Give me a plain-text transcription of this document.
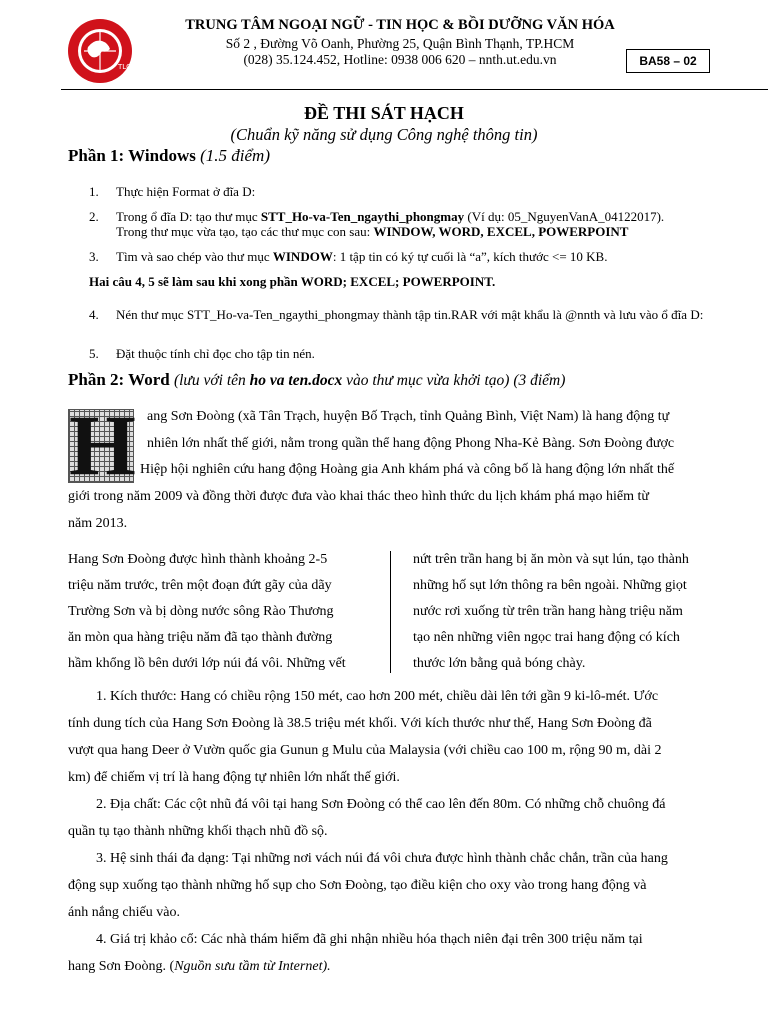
TLC-UT
TRUNG TÂM NGOẠI NGỮ - TIN HỌC & BỒI DƯỠNG VĂN HÓA
Số 2 , Đường Võ Oanh, Phường 25, Quận Bình Thạnh, TP.HCM
(028) 35.124.452, Hotline: 0938 006 620 – nnth.ut.edu.vn	BA58 – 02
ĐỀ THI SÁT HẠCH
(Chuẩn kỹ năng sử dụng Công nghệ thông tin)
Phần 1: Windows (1.5 điểm)
1. Thực hiện Format ở đĩa D:
2. Trong ổ đĩa D: tạo thư mục STT_Ho-va-Ten_ngaythi_phongmay (Ví dụ: 05_NguyenVanA_04122017).
Trong thư mục vừa tạo, tạo các thư mục con sau: WINDOW, WORD, EXCEL, POWERPOINT
3. Tìm và sao chép vào thư mục WINDOW: 1 tập tin có ký tự cuối là “a”, kích thước <= 10 KB.
Hai câu 4, 5 sẽ làm sau khi xong phần WORD; EXCEL; POWERPOINT.
4. Nén thư mục STT_Ho-va-Ten_ngaythi_phongmay thành tập tin.RAR với mật khẩu là @nnth và lưu vào ổ đĩa D:
5. Đặt thuộc tính chỉ đọc cho tập tin nén.
Phần 2: Word (lưu với tên ho va ten.docx vào thư mục vừa khởi tạo) (3 điểm)
H ang Sơn Đoòng (xã Tân Trạch, huyện Bố Trạch, tỉnh Quảng Bình, Việt Nam) là hang động tự
nhiên lớn nhất thế giới, nằm trong quần thể hang động Phong Nha-Kẻ Bàng. Sơn Đoòng được
Hiệp hội nghiên cứu hang động Hoàng gia Anh khám phá và công bố là hang động lớn nhất thế
giới trong năm 2009 và đồng thời được đưa vào khai thác theo hình thức du lịch khám phá mạo hiểm từ
năm 2013.
Hang Sơn Đoòng được hình thành khoảng 2-5
triệu năm trước, trên một đoạn đứt gãy của dãy
Trường Sơn và bị dòng nước sông Rào Thương
ăn mòn qua hàng triệu năm đã tạo thành đường
hầm khổng lồ bên dưới lớp núi đá vôi. Những vết
nứt trên trần hang bị ăn mòn và sụt lún, tạo thành
những hố sụt lớn thông ra bên ngoài. Những giọt
nước rơi xuống từ trên trần hang hàng triệu năm
tạo nên những viên ngọc trai hang động có kích
thước lớn bằng quả bóng chày.
1. Kích thước: Hang có chiều rộng 150 mét, cao hơn 200 mét, chiều dài lên tới gần 9 ki-lô-mét. Ước
tính dung tích của Hang Sơn Đoòng là 38.5 triệu mét khối. Với kích thước như thế, Hang Sơn Đoòng đã
vượt qua hang Deer ở Vườn quốc gia Gunun g Mulu của Malaysia (với chiều cao 100 m, rộng 90 m, dài 2
km) để chiếm vị trí là hang động tự nhiên lớn nhất thế giới.
2. Địa chất: Các cột nhũ đá vôi tại hang Sơn Đoòng có thể cao lên đến 80m. Có những chỗ chuông đá
quần tụ tạo thành những khối thạch nhũ đồ sộ.
3. Hệ sinh thái đa dạng: Tại những nơi vách núi đá vôi chưa được hình thành chắc chắn, trần của hang
động sụp xuống tạo thành những hố sụp cho Sơn Đoòng, tạo điều kiện cho oxy vào trong hang động và
ánh nắng chiếu vào.
4. Giá trị khảo cổ: Các nhà thám hiểm đã ghi nhận nhiều hóa thạch niên đại trên 300 triệu năm tại
hang Sơn Đoòng. (Nguồn sưu tầm từ Internet).
